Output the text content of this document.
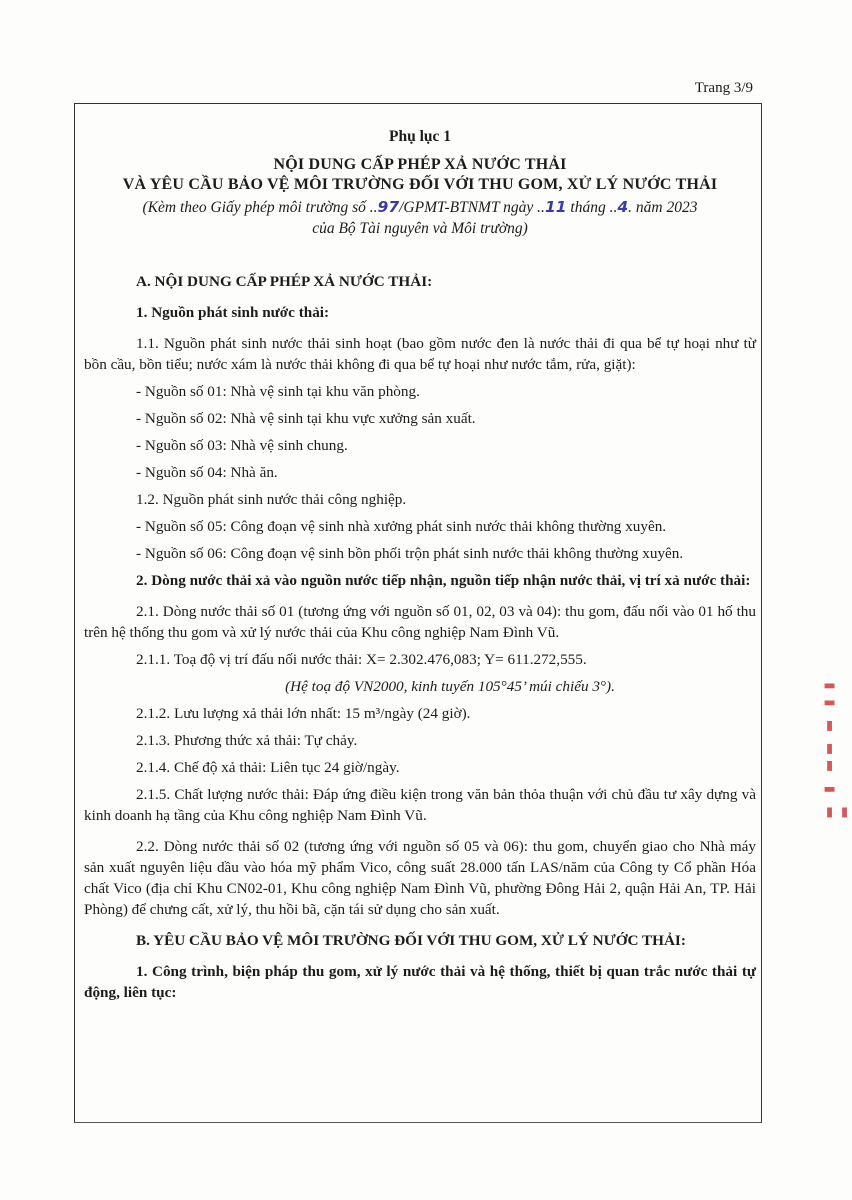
Trang 3/9
Phụ lục 1
NỘI DUNG CẤP PHÉP XẢ NƯỚC THẢI
VÀ YÊU CẦU BẢO VỆ MÔI TRƯỜNG ĐỐI VỚI THU GOM, XỬ LÝ NƯỚC THẢI
(Kèm theo Giấy phép môi trường số ..97/GPMT-BTNMT ngày ..11 tháng ..4. năm 2023
của Bộ Tài nguyên và Môi trường)
A. NỘI DUNG CẤP PHÉP XẢ NƯỚC THẢI:
1. Nguồn phát sinh nước thải:
1.1. Nguồn phát sinh nước thải sinh hoạt (bao gồm nước đen là nước thải đi qua bể tự hoại như từ bồn cầu, bồn tiểu; nước xám là nước thải không đi qua bể tự hoại như nước tắm, rửa, giặt):
- Nguồn số 01: Nhà vệ sinh tại khu văn phòng.
- Nguồn số 02: Nhà vệ sinh tại khu vực xưởng sản xuất.
- Nguồn số 03: Nhà vệ sinh chung.
- Nguồn số 04: Nhà ăn.
1.2. Nguồn phát sinh nước thải công nghiệp.
- Nguồn số 05: Công đoạn vệ sinh nhà xưởng phát sinh nước thải không thường xuyên.
- Nguồn số 06: Công đoạn vệ sinh bồn phối trộn phát sinh nước thải không thường xuyên.
2. Dòng nước thải xả vào nguồn nước tiếp nhận, nguồn tiếp nhận nước thải, vị trí xả nước thải:
2.1. Dòng nước thải số 01 (tương ứng với nguồn số 01, 02, 03 và 04): thu gom, đấu nối vào 01 hố thu trên hệ thống thu gom và xử lý nước thải của Khu công nghiệp Nam Đình Vũ.
2.1.1. Toạ độ vị trí đấu nối nước thải: X= 2.302.476,083; Y= 611.272,555.
(Hệ toạ độ VN2000, kinh tuyến 105°45’ múi chiếu 3°).
2.1.2. Lưu lượng xả thải lớn nhất: 15 m³/ngày (24 giờ).
2.1.3. Phương thức xả thải: Tự chảy.
2.1.4. Chế độ xả thải: Liên tục 24 giờ/ngày.
2.1.5. Chất lượng nước thải: Đáp ứng điều kiện trong văn bản thỏa thuận với chủ đầu tư xây dựng và kinh doanh hạ tầng của Khu công nghiệp Nam Đình Vũ.
2.2. Dòng nước thải số 02 (tương ứng với nguồn số 05 và 06): thu gom, chuyển giao cho Nhà máy sản xuất nguyên liệu dầu vào hóa mỹ phẩm Vico, công suất 28.000 tấn LAS/năm của Công ty Cổ phần Hóa chất Vico (địa chỉ Khu CN02-01, Khu công nghiệp Nam Đình Vũ, phường Đông Hải 2, quận Hải An, TP. Hải Phòng) để chưng cất, xử lý, thu hồi bã, cặn tái sử dụng cho sản xuất.
B. YÊU CẦU BẢO VỆ MÔI TRƯỜNG ĐỐI VỚI THU GOM, XỬ LÝ NƯỚC THẢI:
1. Công trình, biện pháp thu gom, xử lý nước thải và hệ thống, thiết bị quan trắc nước thải tự động, liên tục:
▮ ▬ ▮▮ ▮ ▬▬ ▮
